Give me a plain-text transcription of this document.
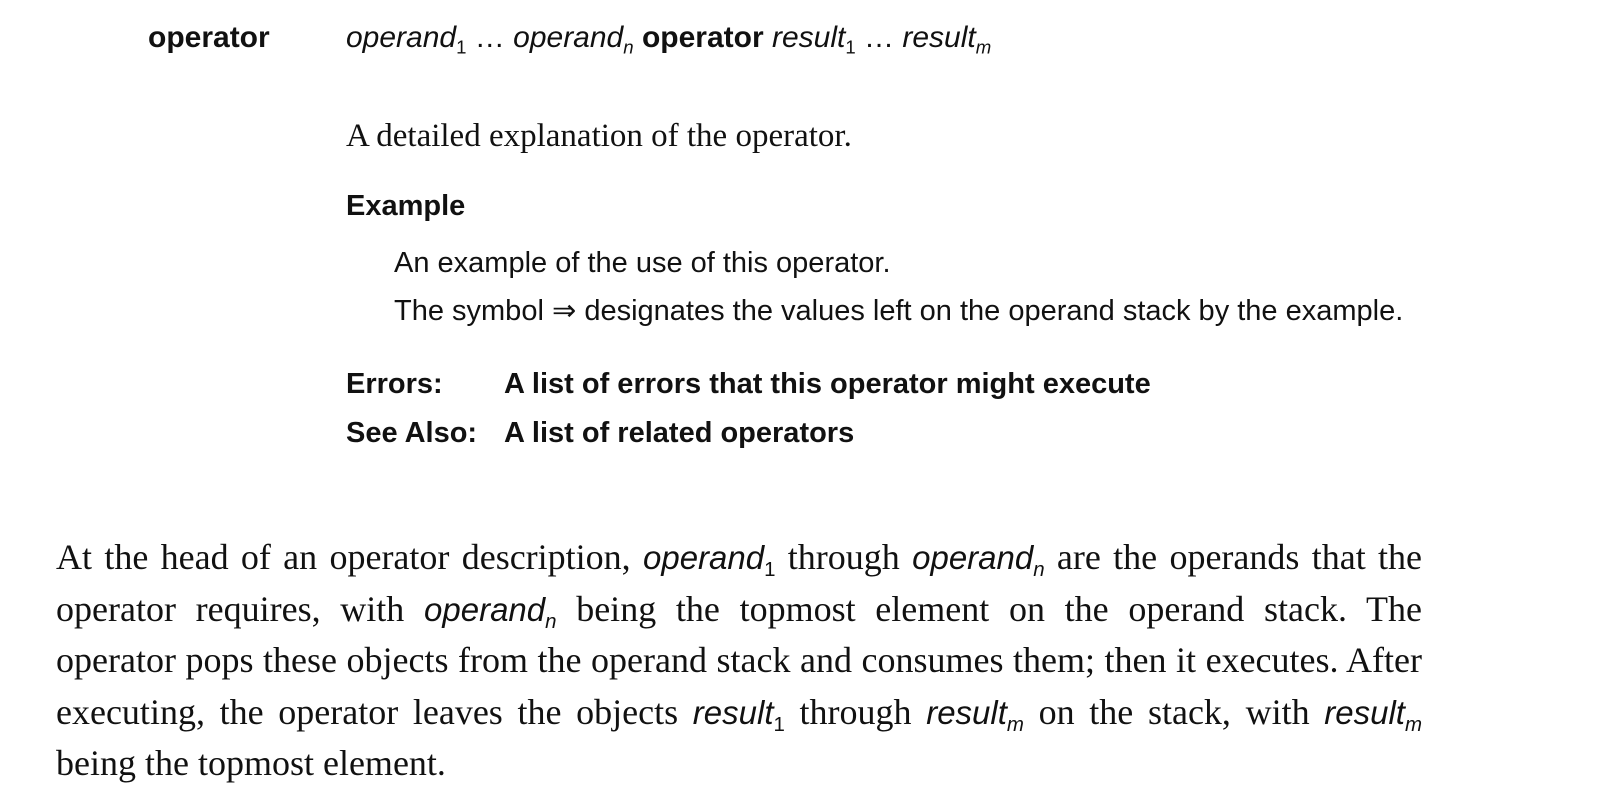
operator	operand$_1$ … operand$_n$ operator result$_1$ … result$_m$

A detailed explanation of the operator.

Example

An example of the use of this operator.

The symbol ⇒ designates the values left on the operand stack by the example.

Errors: A list of errors that this operator might execute
See Also: A list of related operators

At the head of an operator description, operand$_1$ through operand$_n$ are the operands that the operator requires, with operand$_n$ being the topmost element on the operand stack. The operator pops these objects from the operand stack and consumes them; then it executes. After executing, the operator leaves the objects result$_1$ through result$_m$ on the stack, with result$_m$ being the topmost element.
